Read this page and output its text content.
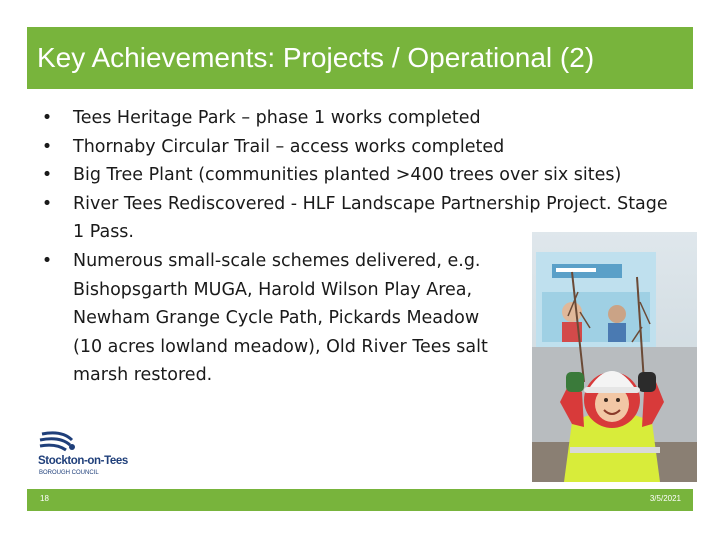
Key Achievements: Projects / Operational (2)
• Tees Heritage Park – phase 1 works completed
• Thornaby Circular Trail – access works completed
• Big Tree Plant (communities planted >400 trees over six sites)
• River Tees Rediscovered - HLF Landscape Partnership Project. Stage 1 Pass.
• Numerous small-scale schemes delivered, e.g. Bishopsgarth MUGA, Harold Wilson Play Area, Newham Grange Cycle Path, Pickards Meadow (10 acres lowland meadow), Old River Tees salt marsh restored.
Stockton-on-Tees
BOROUGH COUNCIL
18	3/5/2021
